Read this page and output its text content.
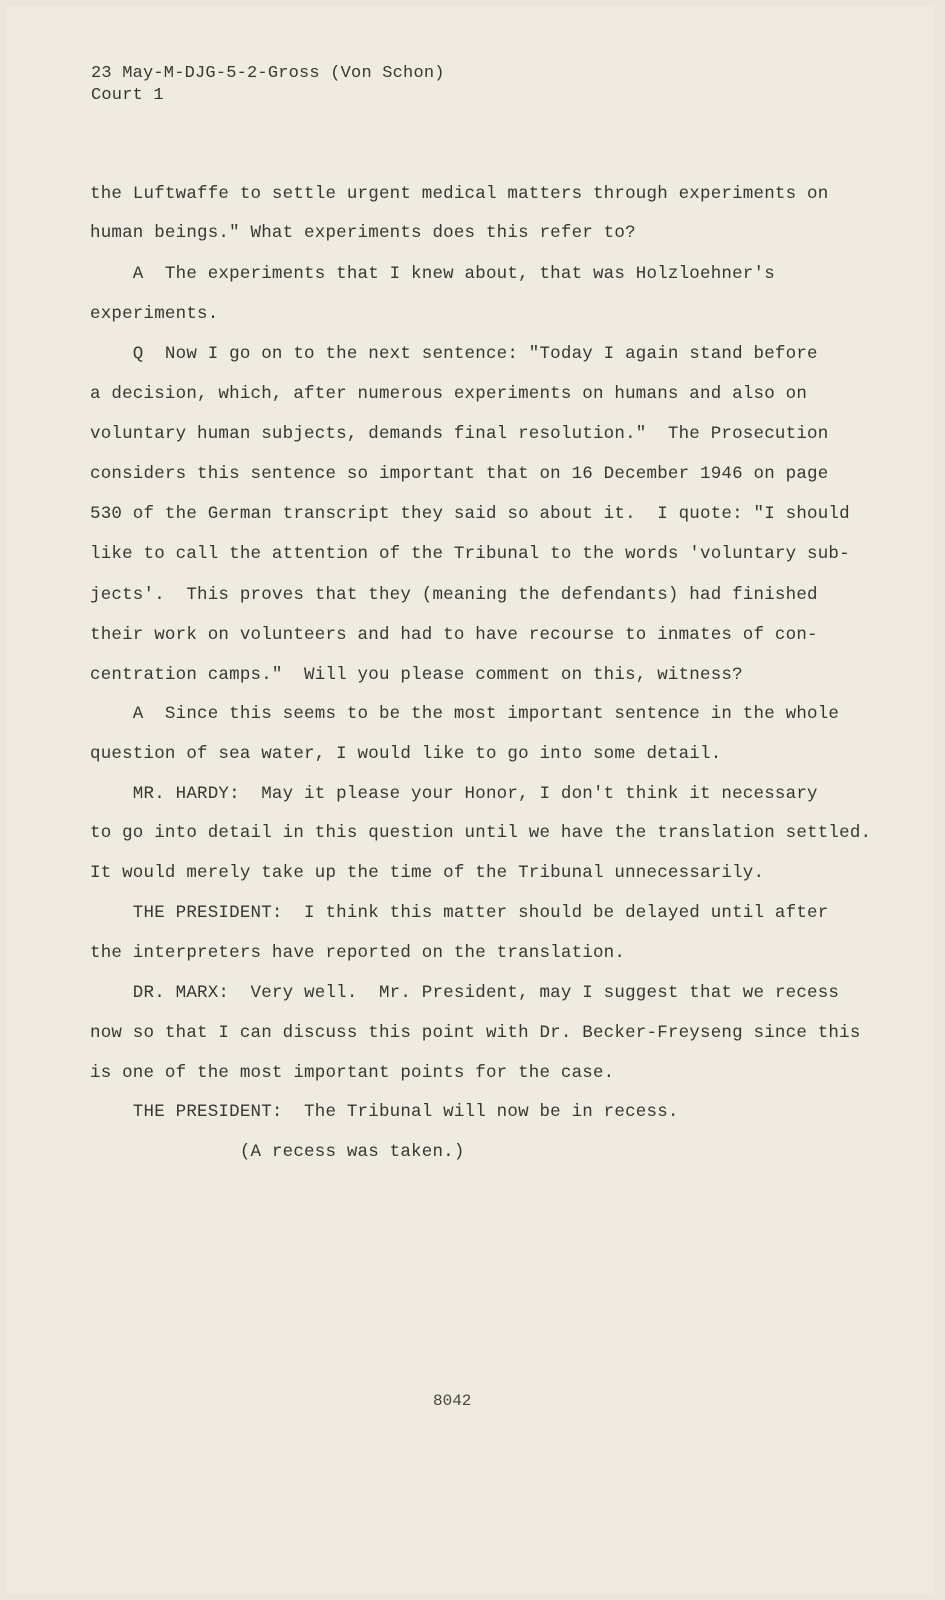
23 May-M-DJG-5-2-Gross (Von Schon)
Court 1
the Luftwaffe to settle urgent medical matters through experiments on
human beings." What experiments does this refer to?
A  The experiments that I knew about, that was Holzloehner's
experiments.
Q  Now I go on to the next sentence: "Today I again stand before
a decision, which, after numerous experiments on humans and also on
voluntary human subjects, demands final resolution."  The Prosecution
considers this sentence so important that on 16 December 1946 on page
530 of the German transcript they said so about it.  I quote: "I should
like to call the attention of the Tribunal to the words 'voluntary sub-
jects'.  This proves that they (meaning the defendants) had finished
their work on volunteers and had to have recourse to inmates of con-
centration camps."  Will you please comment on this, witness?
A  Since this seems to be the most important sentence in the whole
question of sea water, I would like to go into some detail.
MR. HARDY:  May it please your Honor, I don't think it necessary
to go into detail in this question until we have the translation settled.
It would merely take up the time of the Tribunal unnecessarily.
THE PRESIDENT:  I think this matter should be delayed until after
the interpreters have reported on the translation.
DR. MARX:  Very well.  Mr. President, may I suggest that we recess
now so that I can discuss this point with Dr. Becker-Freyseng since this
is one of the most important points for the case.
THE PRESIDENT:  The Tribunal will now be in recess.
(A recess was taken.)
8042
